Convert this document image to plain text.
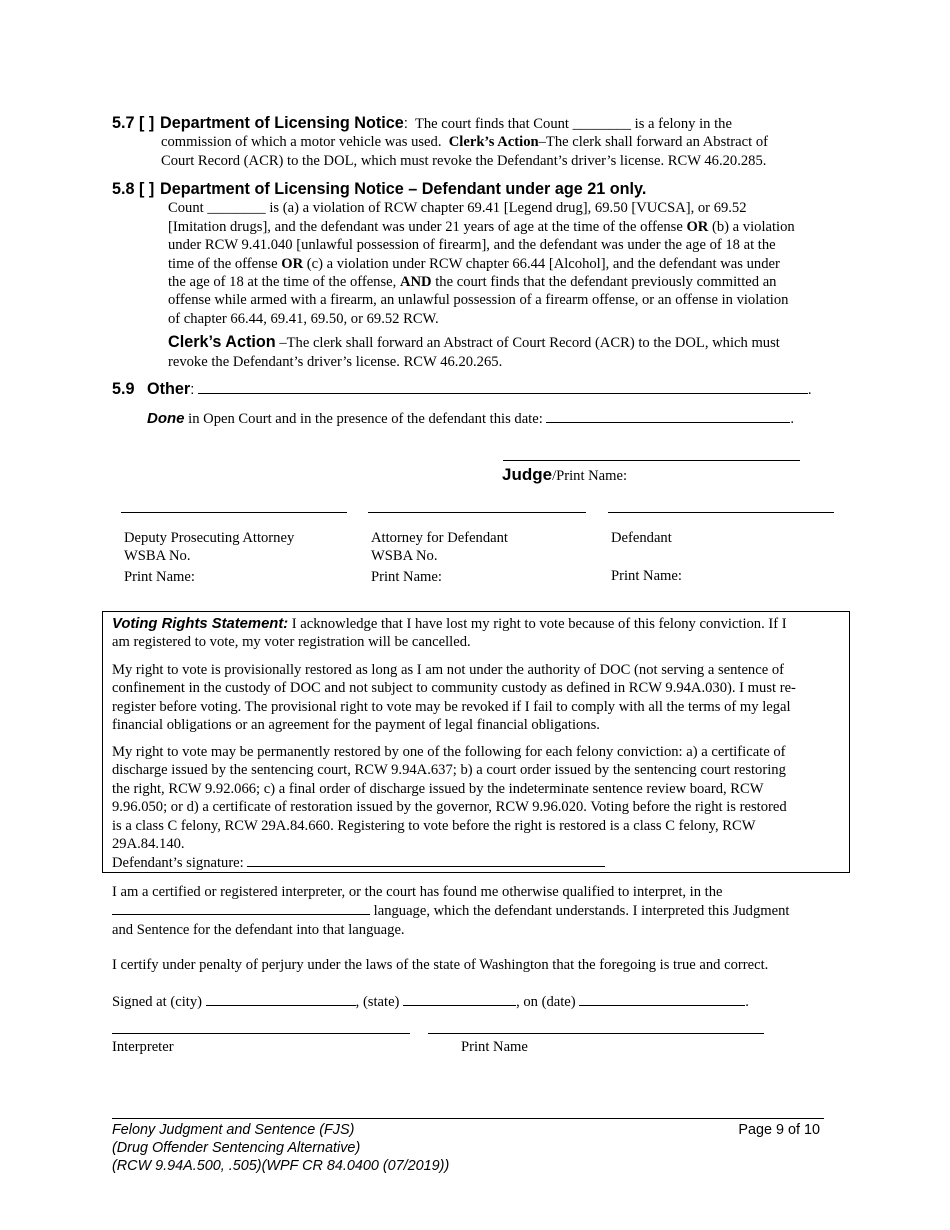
5.7 [ ] Department of Licensing Notice: The court finds that Count ________ is a felony in the
commission of which a motor vehicle was used. Clerk’s Action–The clerk shall forward an Abstract of
Court Record (ACR) to the DOL, which must revoke the Defendant’s driver’s license. RCW 46.20.285.
5.8 [ ] Department of Licensing Notice – Defendant under age 21 only.
Count ________ is (a) a violation of RCW chapter 69.41 [Legend drug], 69.50 [VUCSA], or 69.52
[Imitation drugs], and the defendant was under 21 years of age at the time of the offense OR (b) a violation
under RCW 9.41.040 [unlawful possession of firearm], and the defendant was under the age of 18 at the
time of the offense OR (c) a violation under RCW chapter 66.44 [Alcohol], and the defendant was under
the age of 18 at the time of the offense, AND the court finds that the defendant previously committed an
offense while armed with a firearm, an unlawful possession of a firearm offense, or an offense in violation
of chapter 66.44, 69.41, 69.50, or 69.52 RCW.
Clerk’s Action –The clerk shall forward an Abstract of Court Record (ACR) to the DOL, which must
revoke the Defendant’s driver’s license. RCW 46.20.265.
5.9 Other:	.
Done in Open Court and in the presence of the defendant this date:	.
Judge/Print Name:
Deputy Prosecuting Attorney
WSBA No.
Print Name:
Attorney for Defendant
WSBA No.
Print Name:
Defendant
Print Name:

Voting Rights Statement: I acknowledge that I have lost my right to vote because of this felony conviction. If I
am registered to vote, my voter registration will be cancelled.

My right to vote is provisionally restored as long as I am not under the authority of DOC (not serving a sentence of
confinement in the custody of DOC and not subject to community custody as defined in RCW 9.94A.030). I must re-
register before voting. The provisional right to vote may be revoked if I fail to comply with all the terms of my legal
financial obligations or an agreement for the payment of legal financial obligations.

My right to vote may be permanently restored by one of the following for each felony conviction: a) a certificate of
discharge issued by the sentencing court, RCW 9.94A.637; b) a court order issued by the sentencing court restoring
the right, RCW 9.92.066; c) a final order of discharge issued by the indeterminate sentence review board, RCW
9.96.050; or d) a certificate of restoration issued by the governor, RCW 9.96.020. Voting before the right is restored
is a class C felony, RCW 29A.84.660. Registering to vote before the right is restored is a class C felony, RCW
29A.84.140.
Defendant’s signature:

I am a certified or registered interpreter, or the court has found me otherwise qualified to interpret, in the
language, which the defendant understands. I interpreted this Judgment
and Sentence for the defendant into that language.
I certify under penalty of perjury under the laws of the state of Washington that the foregoing is true and correct.
Signed at (city)	, (state)	, on (date)	.
Interpreter	Print Name
Felony Judgment and Sentence (FJS)
(Drug Offender Sentencing Alternative)
(RCW 9.94A.500, .505)(WPF CR 84.0400 (07/2019))
Page 9 of 10
